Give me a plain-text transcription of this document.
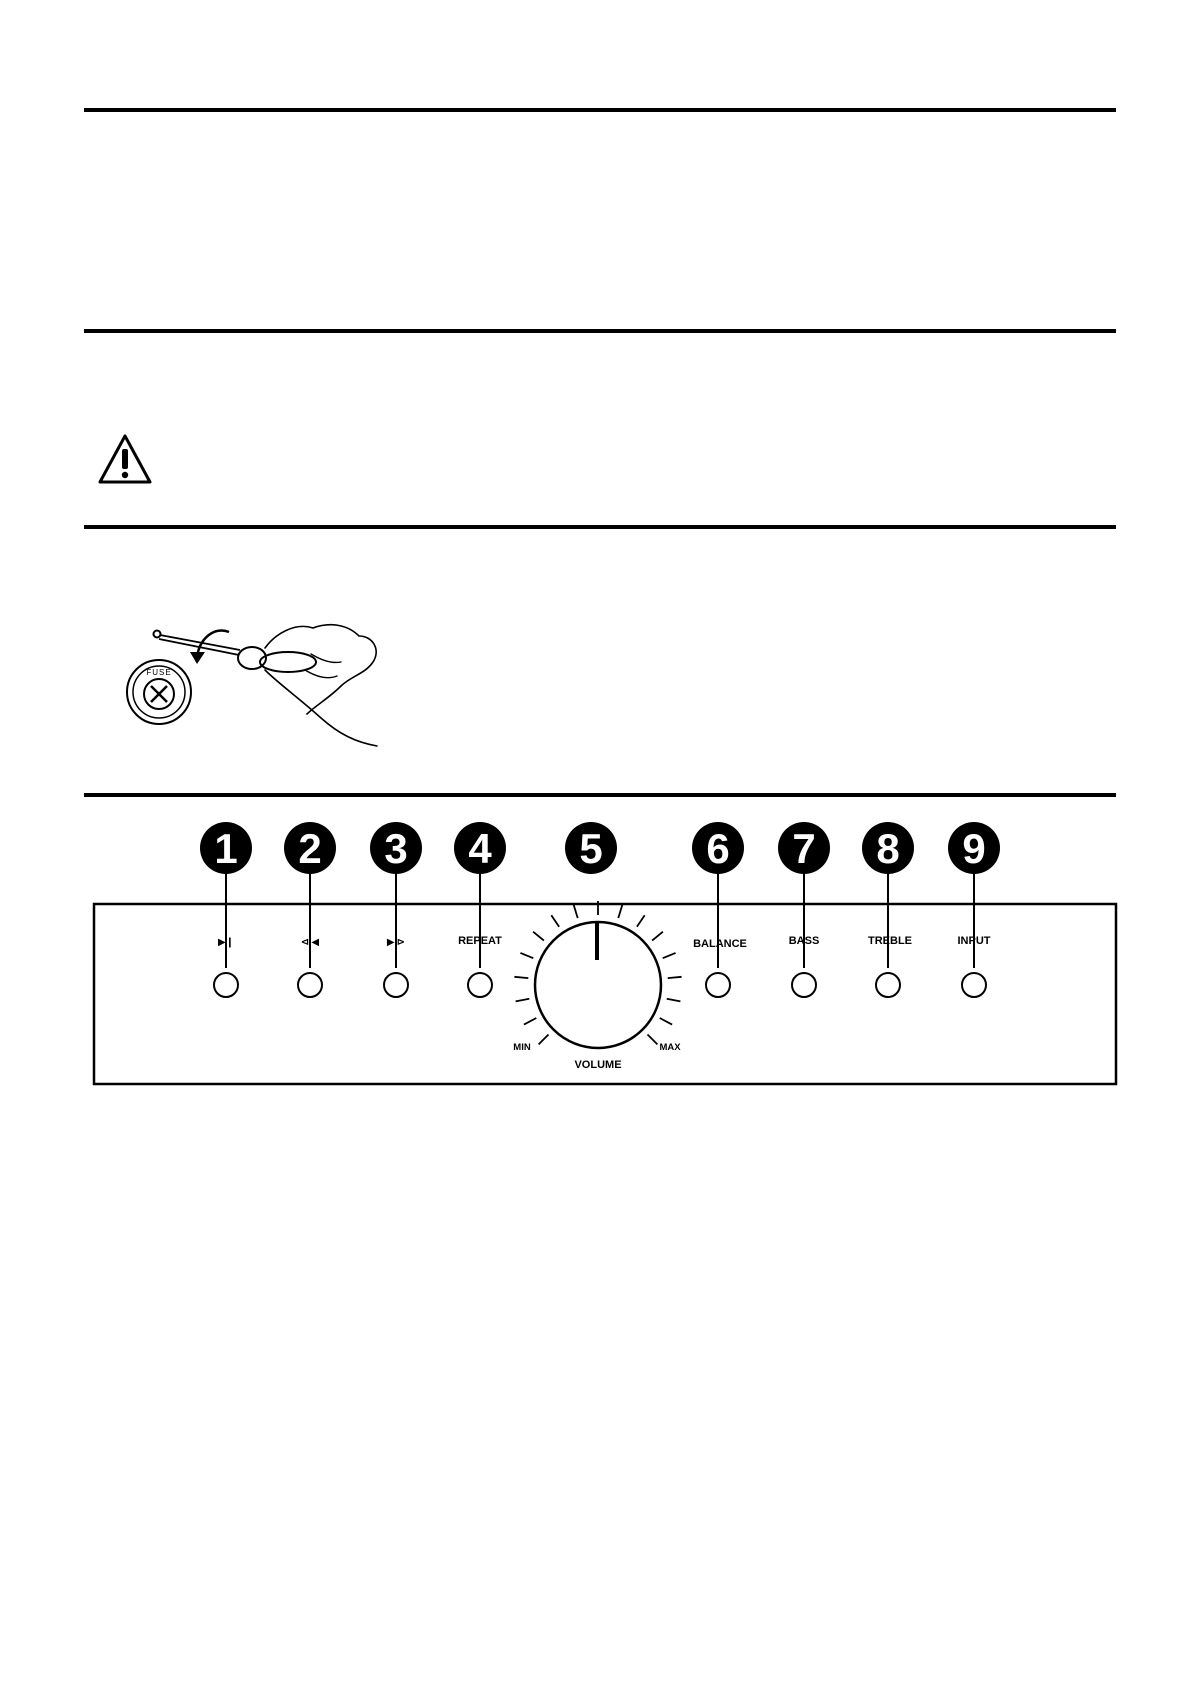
FUSE
1 2 3 4 5 6 7 8 9
▶❙	⧏◀	▶⧐	REPEAT	BALANCE	BASS	TREBLE	INPUT
MIN	MAX
VOLUME
